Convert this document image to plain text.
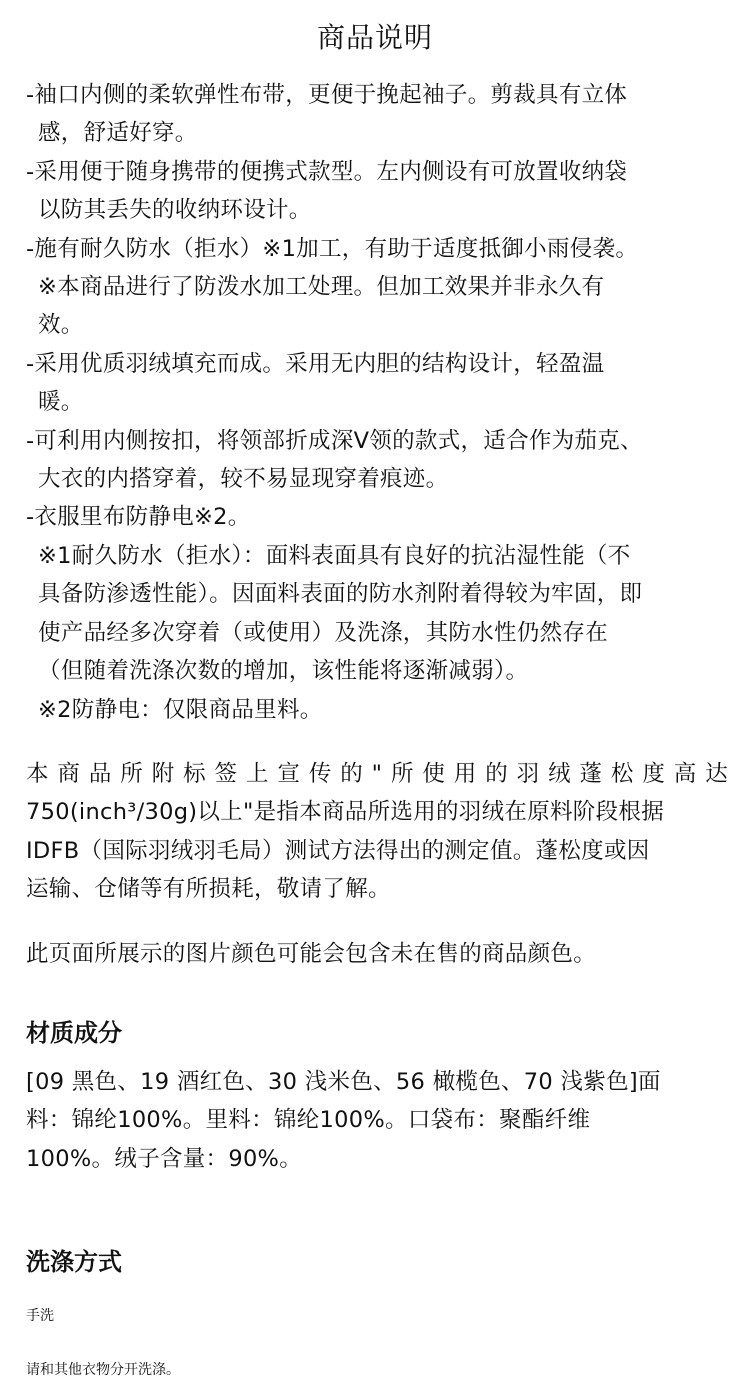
商品说明
-袖口内侧的柔软弹性布带，更便于挽起袖子。剪裁具有立体
感，舒适好穿。
-采用便于随身携带的便携式款型。左内侧设有可放置收纳袋
以防其丢失的收纳环设计。
-施有耐久防水（拒水）※1加工，有助于适度抵御小雨侵袭。
※本商品进行了防泼水加工处理。但加工效果并非永久有
效。
-采用优质羽绒填充而成。采用无内胆的结构设计，轻盈温
暖。
-可利用内侧按扣，将领部折成深V领的款式，适合作为茄克、
大衣的内搭穿着，较不易显现穿着痕迹。
-衣服里布防静电※2。
※1耐久防水（拒水）：面料表面具有良好的抗沾湿性能（不
具备防渗透性能）。因面料表面的防水剂附着得较为牢固，即
使产品经多次穿着（或使用）及洗涤，其防水性仍然存在
（但随着洗涤次数的增加，该性能将逐渐减弱）。
※2防静电：仅限商品里料。
本商品所附标签上宣传的"所使用的羽绒蓬松度高达
750(inch³/30g)以上"是指本商品所选用的羽绒在原料阶段根据
IDFB（国际羽绒羽毛局）测试方法得出的测定值。蓬松度或因
运输、仓储等有所损耗，敬请了解。
此页面所展示的图片颜色可能会包含未在售的商品颜色。
材质成分
[09 黑色、19 酒红色、30 浅米色、56 橄榄色、70 浅紫色]面
料：锦纶100%。里料：锦纶100%。口袋布：聚酯纤维
100%。绒子含量：90%。
洗涤方式
手洗
请和其他衣物分开洗涤。
